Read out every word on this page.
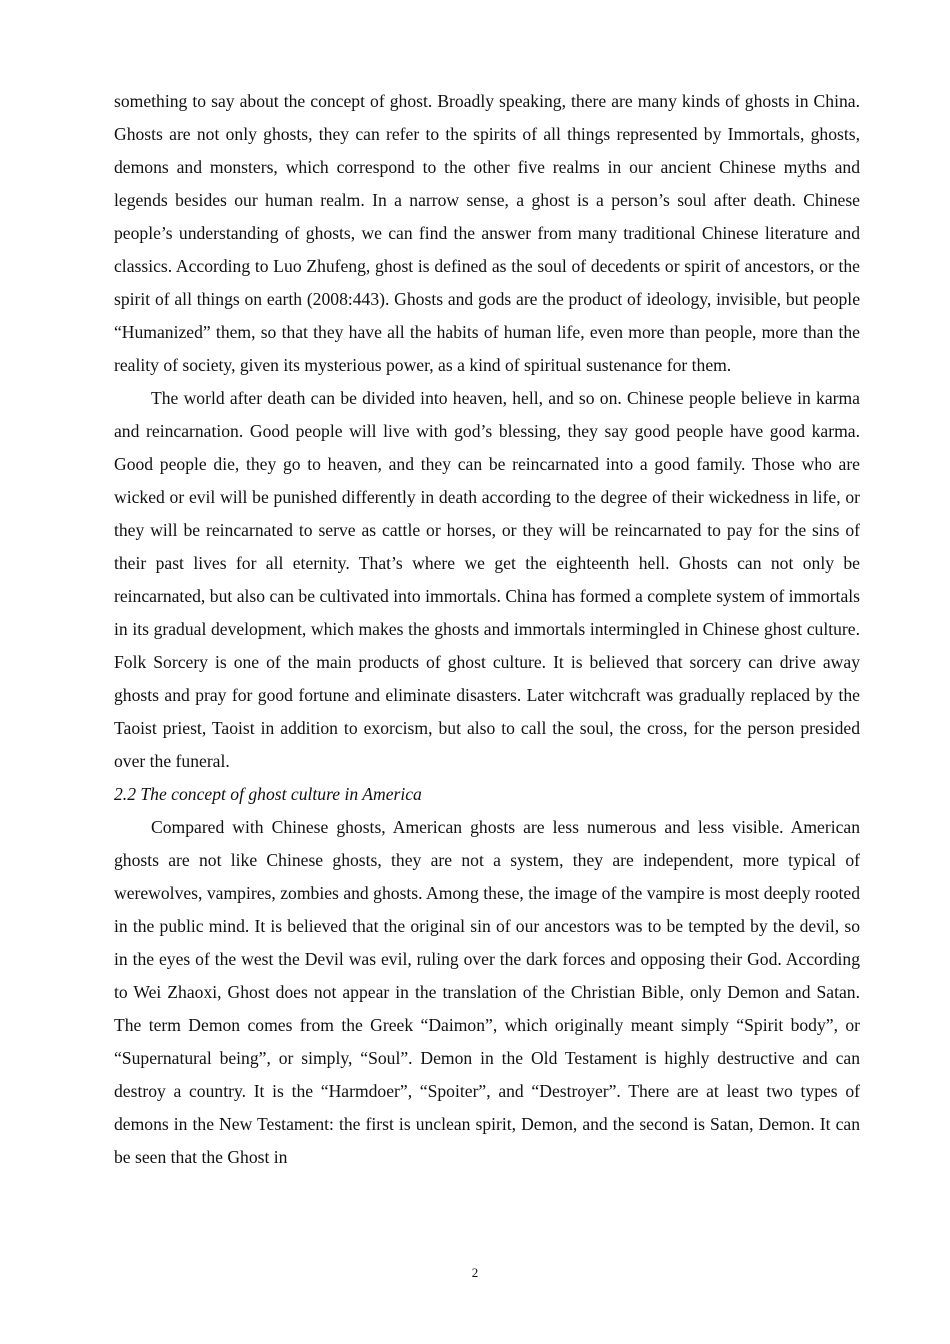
something to say about the concept of ghost. Broadly speaking, there are many kinds of ghosts in China. Ghosts are not only ghosts, they can refer to the spirits of all things represented by Immortals, ghosts, demons and monsters, which correspond to the other five realms in our ancient Chinese myths and legends besides our human realm. In a narrow sense, a ghost is a person’s soul after death. Chinese people’s understanding of ghosts, we can find the answer from many traditional Chinese literature and classics. According to Luo Zhufeng, ghost is defined as the soul of decedents or spirit of ancestors, or the spirit of all things on earth (2008:443). Ghosts and gods are the product of ideology, invisible, but people “Humanized” them, so that they have all the habits of human life, even more than people, more than the reality of society, given its mysterious power, as a kind of spiritual sustenance for them.

The world after death can be divided into heaven, hell, and so on. Chinese people believe in karma and reincarnation. Good people will live with god’s blessing, they say good people have good karma. Good people die, they go to heaven, and they can be reincarnated into a good family. Those who are wicked or evil will be punished differently in death according to the degree of their wickedness in life, or they will be reincarnated to serve as cattle or horses, or they will be reincarnated to pay for the sins of their past lives for all eternity. That’s where we get the eighteenth hell. Ghosts can not only be reincarnated, but also can be cultivated into immortals. China has formed a complete system of immortals in its gradual development, which makes the ghosts and immortals intermingled in Chinese ghost culture. Folk Sorcery is one of the main products of ghost culture. It is believed that sorcery can drive away ghosts and pray for good fortune and eliminate disasters. Later witchcraft was gradually replaced by the Taoist priest, Taoist in addition to exorcism, but also to call the soul, the cross, for the person presided over the funeral.

2.2 The concept of ghost culture in America

Compared with Chinese ghosts, American ghosts are less numerous and less visible. American ghosts are not like Chinese ghosts, they are not a system, they are independent, more typical of werewolves, vampires, zombies and ghosts. Among these, the image of the vampire is most deeply rooted in the public mind. It is believed that the original sin of our ancestors was to be tempted by the devil, so in the eyes of the west the Devil was evil, ruling over the dark forces and opposing their God. According to Wei Zhaoxi, Ghost does not appear in the translation of the Christian Bible, only Demon and Satan. The term Demon comes from the Greek “Daimon”, which originally meant simply “Spirit body”, or “Supernatural being”, or simply, “Soul”. Demon in the Old Testament is highly destructive and can destroy a country. It is the “Harmdoer”, “Spoiter”, and “Destroyer”. There are at least two types of demons in the New Testament: the first is unclean spirit, Demon, and the second is Satan, Demon. It can be seen that the Ghost in

2
